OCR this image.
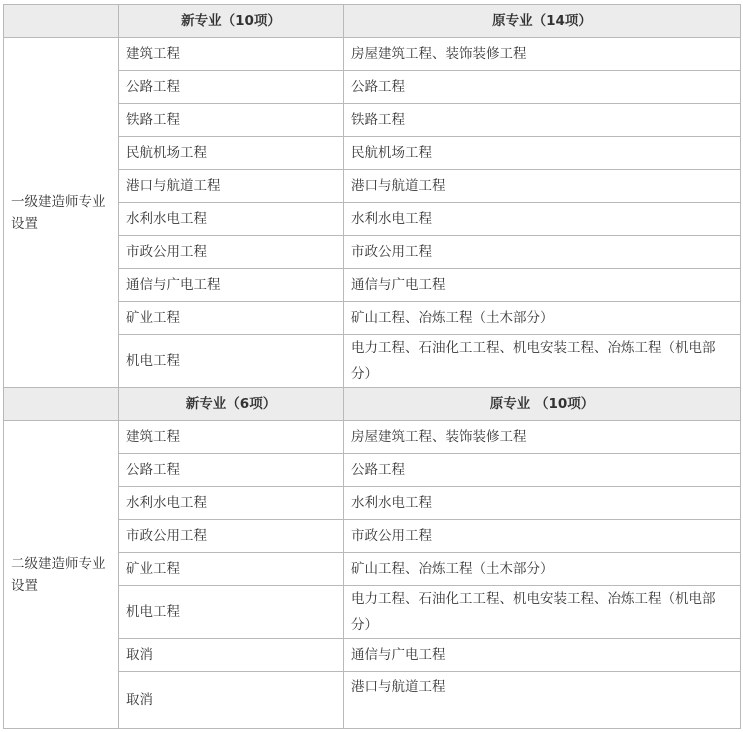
	新专业（10项）	原专业（14项）
一级建造师专业设置	建筑工程	房屋建筑工程、装饰装修工程
	公路工程	公路工程
	铁路工程	铁路工程
	民航机场工程	民航机场工程
	港口与航道工程	港口与航道工程
	水利水电工程	水利水电工程
	市政公用工程	市政公用工程
	通信与广电工程	通信与广电工程
	矿业工程	矿山工程、冶炼工程（土木部分）
	机电工程	电力工程、石油化工工程、机电安装工程、冶炼工程（机电部分）
	新专业（6项）	原专业 （10项）
二级建造师专业设置	建筑工程	房屋建筑工程、装饰装修工程
	公路工程	公路工程
	水利水电工程	水利水电工程
	市政公用工程	市政公用工程
	矿业工程	矿山工程、冶炼工程（土木部分）
	机电工程	电力工程、石油化工工程、机电安装工程、冶炼工程（机电部分）
	取消	通信与广电工程
	取消	港口与航道工程
